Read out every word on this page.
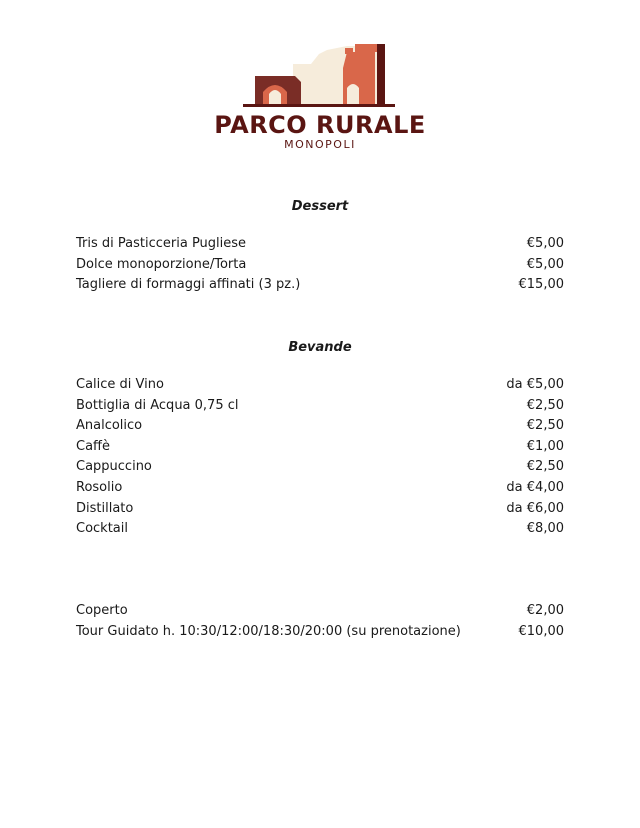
PARCO RURALE
MONOPOLI
Dessert
Tris di Pasticceria Pugliese	€5,00
Dolce monoporzione/Torta	€5,00
Tagliere di formaggi affinati (3 pz.)	€15,00
Bevande
Calice di Vino	da €5,00
Bottiglia di Acqua 0,75 cl	€2,50
Analcolico	€2,50
Caffè	€1,00
Cappuccino	€2,50
Rosolio	da €4,00
Distillato	da €6,00
Cocktail	€8,00
Coperto	€2,00
Tour Guidato h. 10:30/12:00/18:30/20:00 (su prenotazione)	€10,00
